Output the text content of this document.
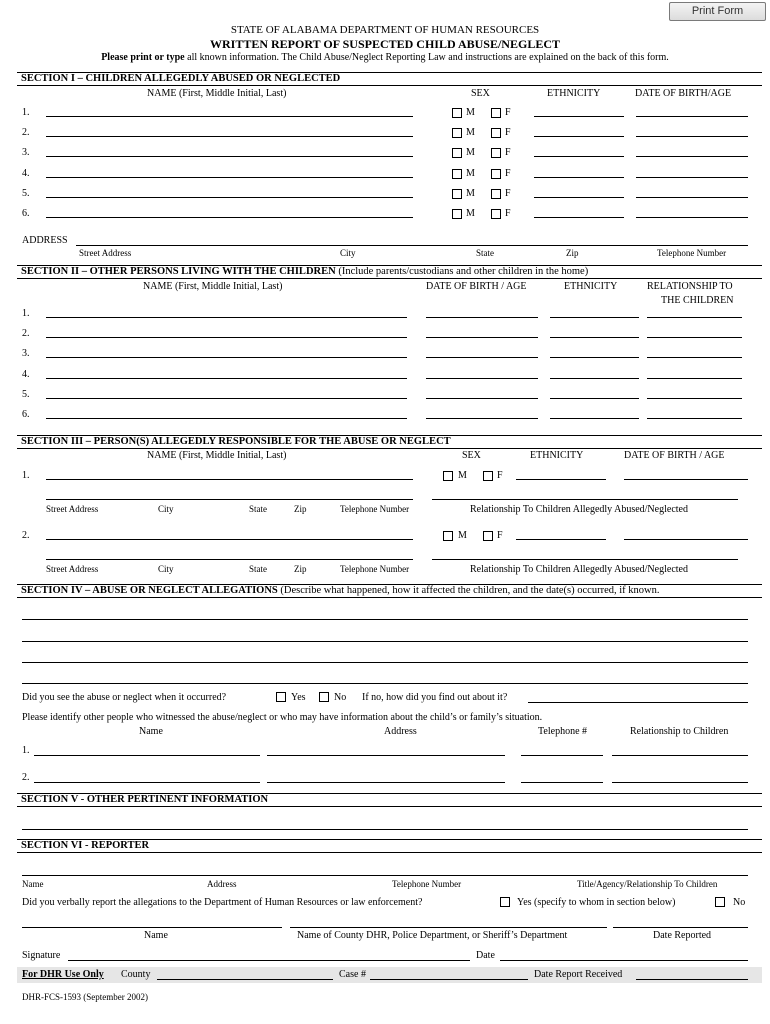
Print Form
STATE OF ALABAMA DEPARTMENT OF HUMAN RESOURCES
WRITTEN REPORT OF SUSPECTED CHILD ABUSE/NEGLECT
Please print or type all known information. The Child Abuse/Neglect Reporting Law and instructions are explained on the back of this form.
SECTION I – CHILDREN ALLEGEDLY ABUSED OR NEGLECTED
NAME (First, Middle Initial, Last)	SEX	ETHNICITY	DATE OF BIRTH/AGE
1.	M	F
2.	M	F
3.	M	F
4.	M	F
5.	M	F
6.	M	F
ADDRESS
Street Address	City	State	Zip	Telephone Number
SECTION II – OTHER PERSONS LIVING WITH THE CHILDREN (Include parents/custodians and other children in the home)
NAME (First, Middle Initial, Last)	DATE OF BIRTH / AGE	ETHNICITY	RELATIONSHIP TO
THE CHILDREN
1.
2.
3.
4.
5.
6.
SECTION III – PERSON(S) ALLEGEDLY RESPONSIBLE FOR THE ABUSE OR NEGLECT
NAME (First, Middle Initial, Last)	SEX	ETHNICITY	DATE OF BIRTH / AGE
1.	M	F
Street Address	City	State	Zip	Telephone Number	Relationship To Children Allegedly Abused/Neglected
2.	M	F
Street Address	City	State	Zip	Telephone Number	Relationship To Children Allegedly Abused/Neglected
SECTION IV – ABUSE OR NEGLECT ALLEGATIONS (Describe what happened, how it affected the children, and the date(s) occurred, if known.
Did you see the abuse or neglect when it occurred?	Yes	No If no, how did you find out about it?
Please identify other people who witnessed the abuse/neglect or who may have information about the child’s or family’s situation.
Name	Address	Telephone #	Relationship to Children
1.
2.
SECTION V - OTHER PERTINENT INFORMATION
SECTION VI - REPORTER
Name	Address	Telephone Number	Title/Agency/Relationship To Children
Did you verbally report the allegations to the Department of Human Resources or law enforcement?	Yes (specify to whom in section below)	No
Name	Name of County DHR, Police Department, or Sheriff’s Department	Date Reported
Signature	Date
For DHR Use Only County	Case #	Date Report Received
DHR-FCS-1593 (September 2002)
